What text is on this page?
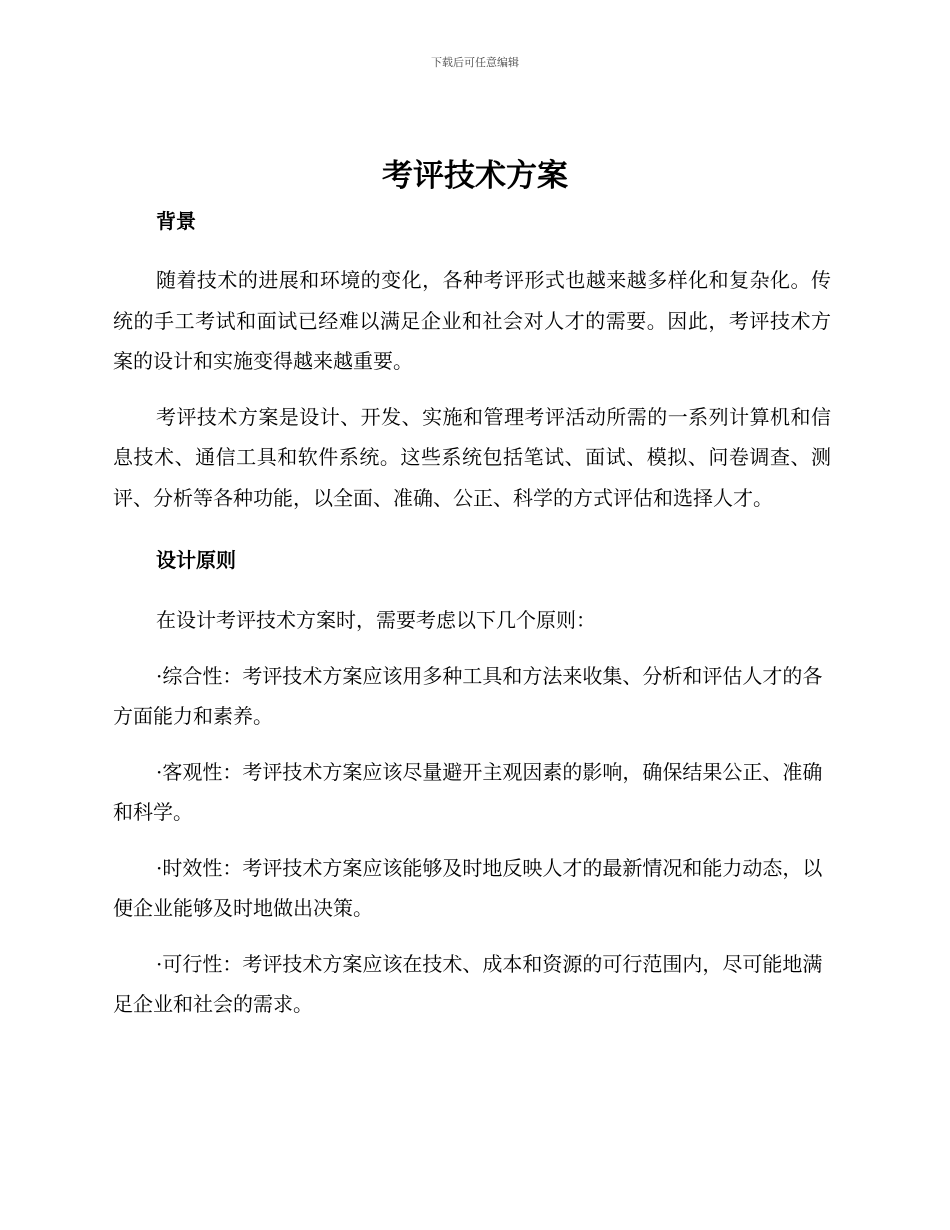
下载后可任意编辑
考评技术方案
背景

随着技术的进展和环境的变化，各种考评形式也越来越多样化和复杂化。传统的手工考试和面试已经难以满足企业和社会对人才的需要。因此，考评技术方案的设计和实施变得越来越重要。

考评技术方案是设计、开发、实施和管理考评活动所需的一系列计算机和信息技术、通信工具和软件系统。这些系统包括笔试、面试、模拟、问卷调查、测评、分析等各种功能，以全面、准确、公正、科学的方式评估和选择人才。

设计原则

在设计考评技术方案时，需要考虑以下几个原则：

·综合性：考评技术方案应该用多种工具和方法来收集、分析和评估人才的各方面能力和素养。

·客观性：考评技术方案应该尽量避开主观因素的影响，确保结果公正、准确和科学。

·时效性：考评技术方案应该能够及时地反映人才的最新情况和能力动态，以便企业能够及时地做出决策。

·可行性：考评技术方案应该在技术、成本和资源的可行范围内，尽可能地满足企业和社会的需求。
